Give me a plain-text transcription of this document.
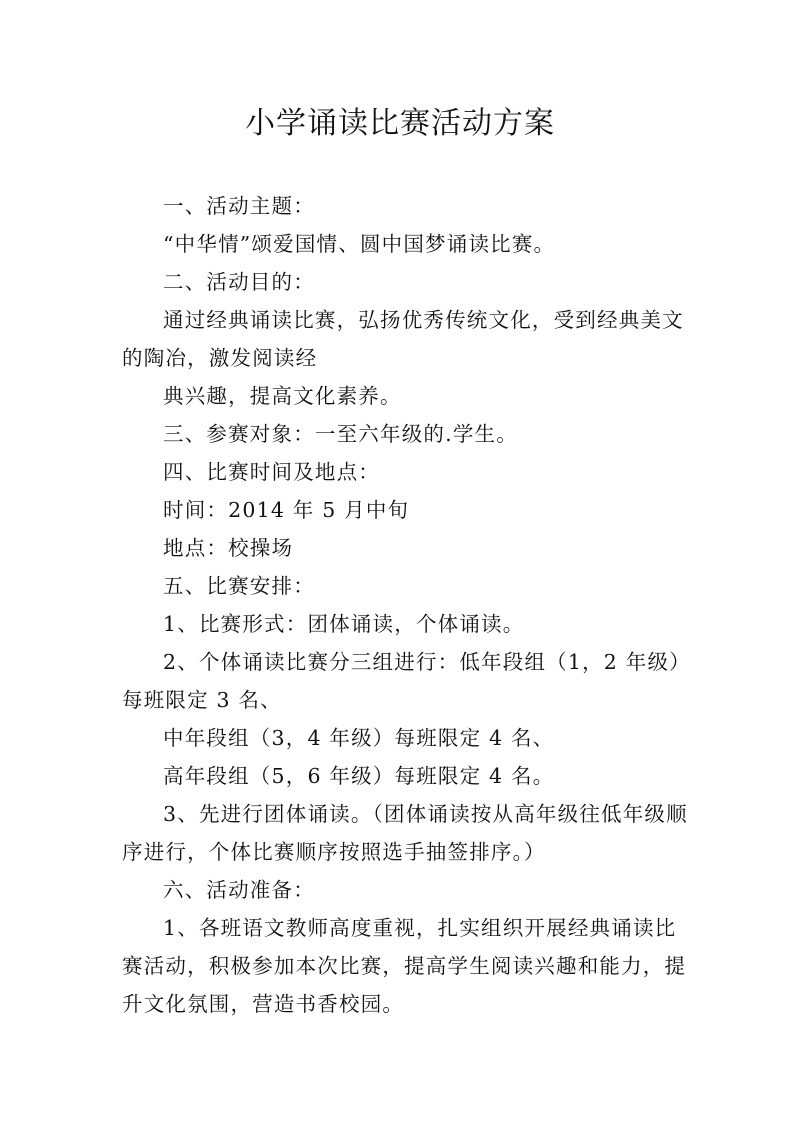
小学诵读比赛活动方案
一、活动主题：
“中华情”颂爱国情、圆中国梦诵读比赛。
二、活动目的：
通过经典诵读比赛，弘扬优秀传统文化，受到经典美文
的陶冶，激发阅读经
典兴趣，提高文化素养。
三、参赛对象：一至六年级的.学生。
四、比赛时间及地点：
时间：2014 年 5 月中旬
地点：校操场
五、比赛安排：
1、比赛形式：团体诵读，个体诵读。
2、个体诵读比赛分三组进行：低年段组（1，2 年级）
每班限定 3 名、
中年段组（3，4 年级）每班限定 4 名、
高年段组（5，6 年级）每班限定 4 名。
3、先进行团体诵读。（团体诵读按从高年级往低年级顺
序进行，个体比赛顺序按照选手抽签排序。）
六、活动准备：
1、各班语文教师高度重视，扎实组织开展经典诵读比
赛活动，积极参加本次比赛，提高学生阅读兴趣和能力，提
升文化氛围，营造书香校园。
